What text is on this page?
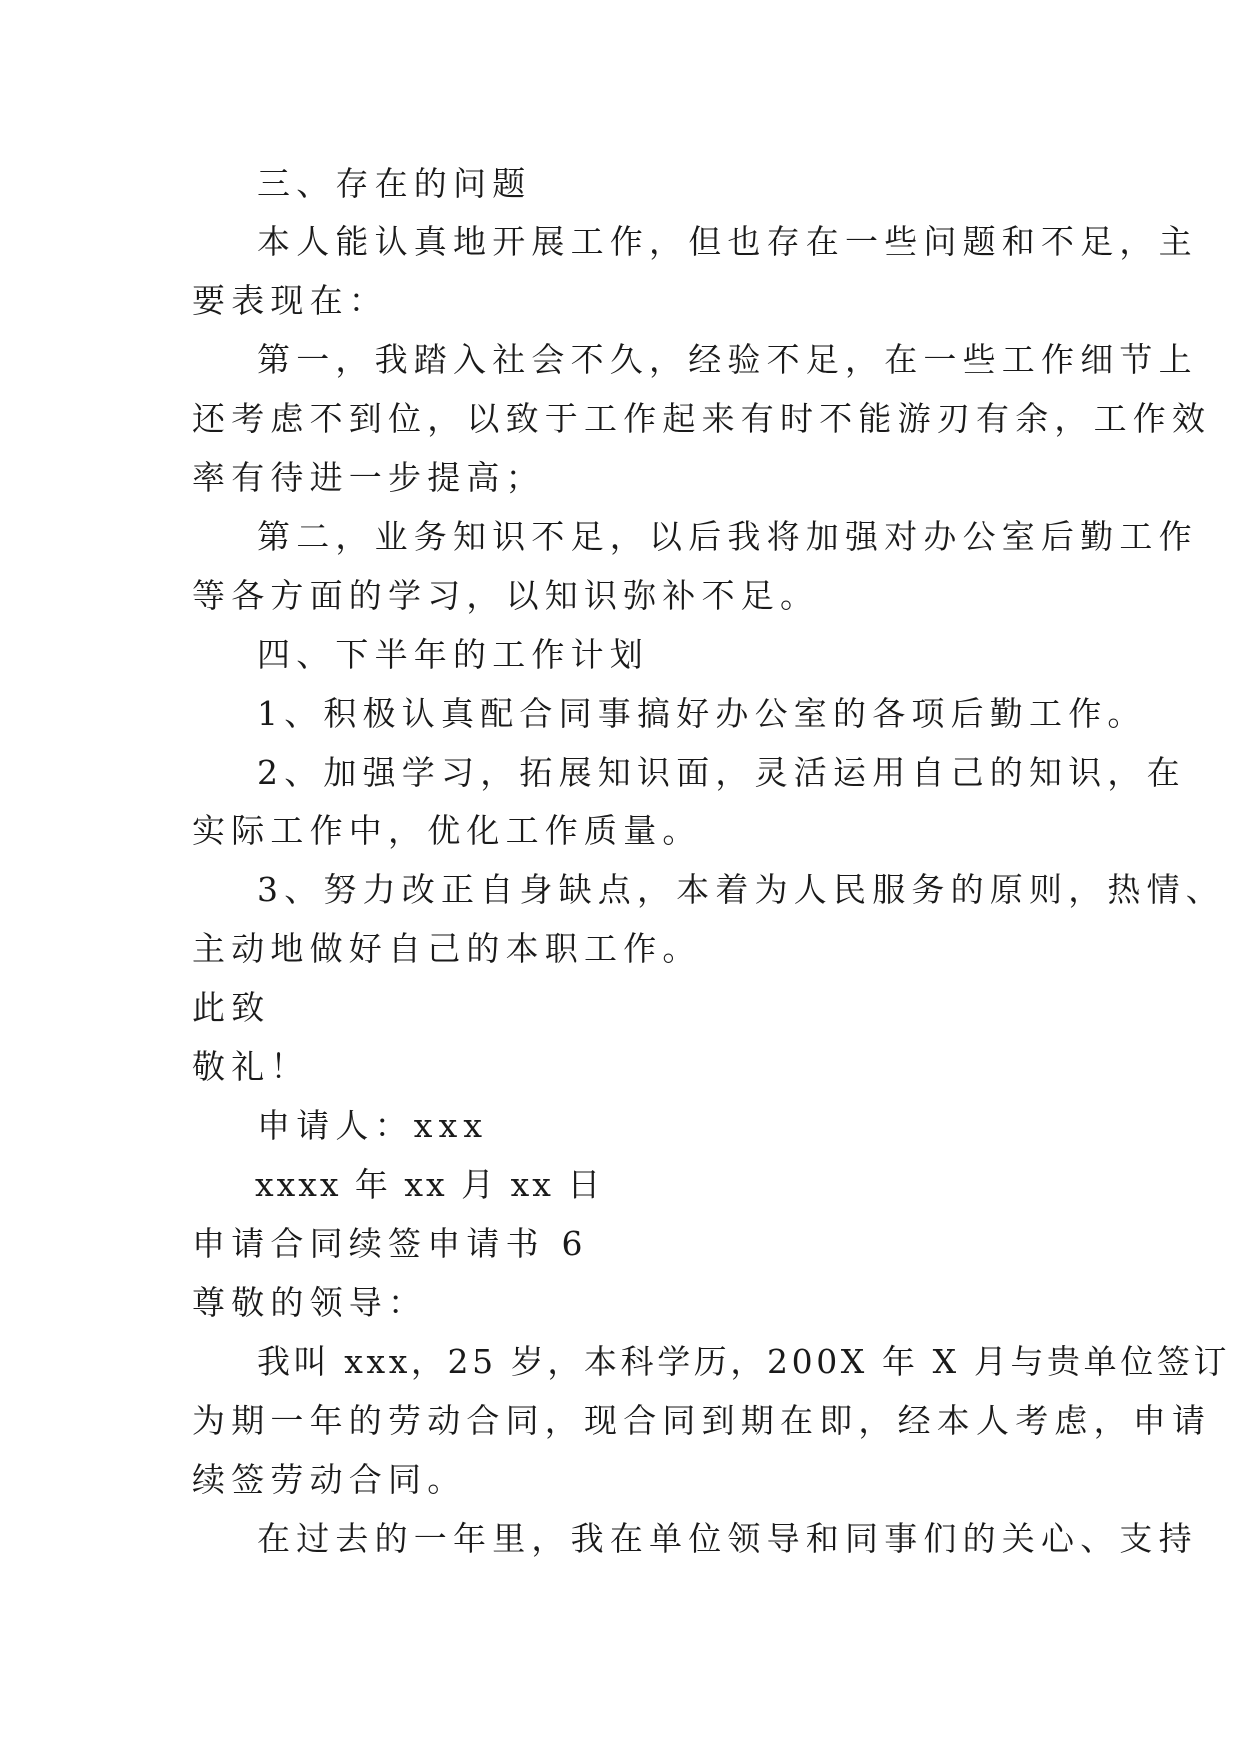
三、存在的问题

本人能认真地开展工作，但也存在一些问题和不足，主

要表现在：

第一，我踏入社会不久，经验不足，在一些工作细节上

还考虑不到位，以致于工作起来有时不能游刃有余，工作效

率有待进一步提高；

第二，业务知识不足，以后我将加强对办公室后勤工作

等各方面的学习，以知识弥补不足。

四、下半年的工作计划

1、积极认真配合同事搞好办公室的各项后勤工作。

2、加强学习，拓展知识面，灵活运用自己的知识，在

实际工作中，优化工作质量。

3、努力改正自身缺点，本着为人民服务的原则，热情、

主动地做好自己的本职工作。

此致

敬礼！

申请人：xxx

xxxx 年 xx 月 xx 日

申请合同续签申请书 6

尊敬的领导：

我叫 xxx，25 岁，本科学历，200X 年 X 月与贵单位签订

为期一年的劳动合同，现合同到期在即，经本人考虑，申请

续签劳动合同。

在过去的一年里，我在单位领导和同事们的关心、支持
